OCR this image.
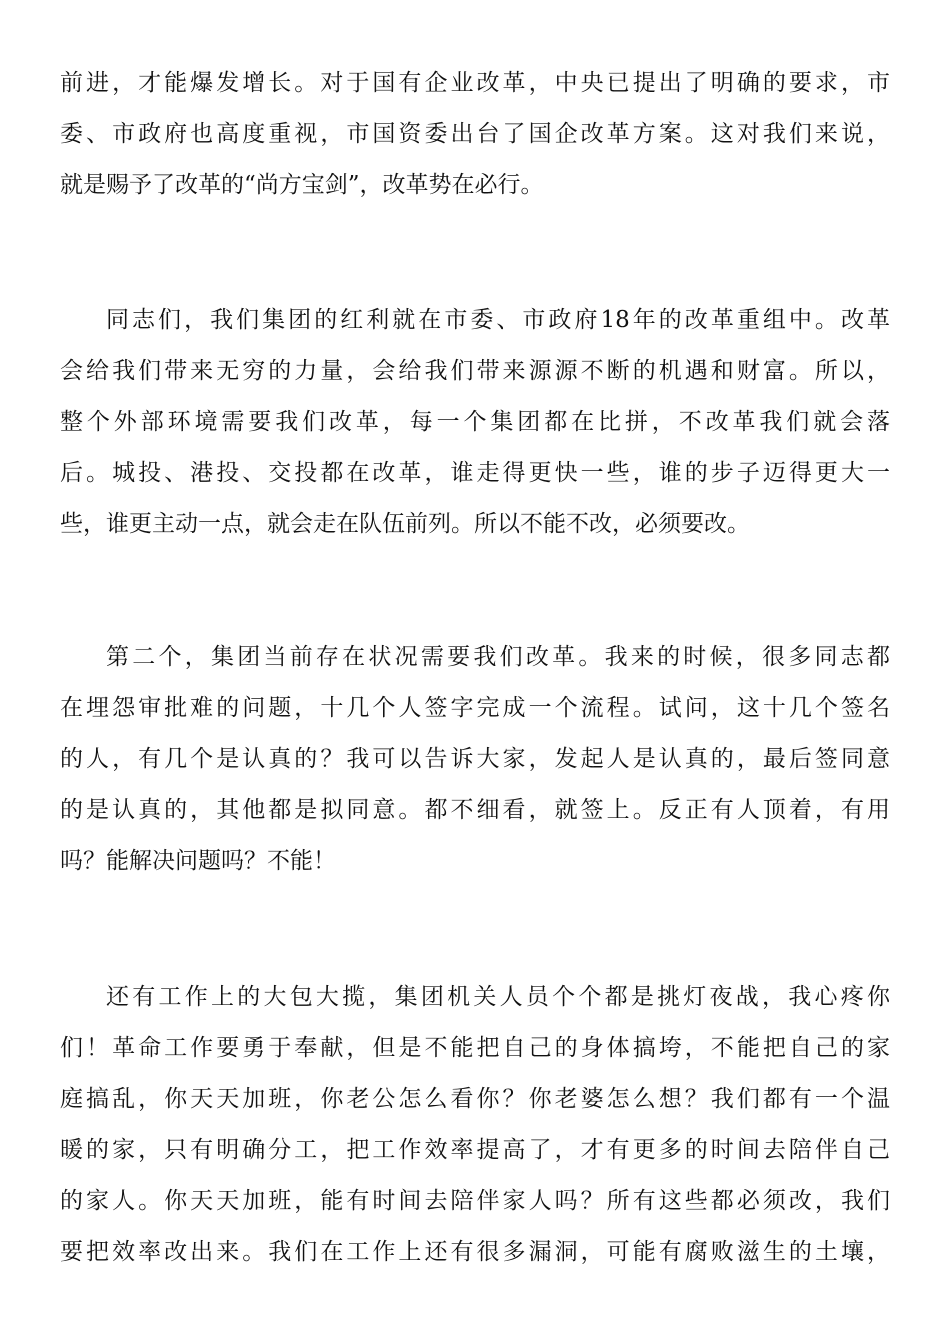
前进，才能爆发增长。对于国有企业改革，中央已提出了明确的要求，市
委、市政府也高度重视，市国资委出台了国企改革方案。这对我们来说，
就是赐予了改革的“尚方宝剑”，改革势在必行。
同志们，我们集团的红利就在市委、市政府18年的改革重组中。改革
会给我们带来无穷的力量，会给我们带来源源不断的机遇和财富。所以，
整个外部环境需要我们改革，每一个集团都在比拼，不改革我们就会落
后。城投、港投、交投都在改革，谁走得更快一些，谁的步子迈得更大一
些，谁更主动一点，就会走在队伍前列。所以不能不改，必须要改。
第二个，集团当前存在状况需要我们改革。我来的时候，很多同志都
在埋怨审批难的问题，十几个人签字完成一个流程。试问，这十几个签名
的人，有几个是认真的？我可以告诉大家，发起人是认真的，最后签同意
的是认真的，其他都是拟同意。都不细看，就签上。反正有人顶着，有用
吗？能解决问题吗？不能！
还有工作上的大包大揽，集团机关人员个个都是挑灯夜战，我心疼你
们！革命工作要勇于奉献，但是不能把自己的身体搞垮，不能把自己的家
庭搞乱，你天天加班，你老公怎么看你？你老婆怎么想？我们都有一个温
暖的家，只有明确分工，把工作效率提高了，才有更多的时间去陪伴自己
的家人。你天天加班，能有时间去陪伴家人吗？所有这些都必须改，我们
要把效率改出来。我们在工作上还有很多漏洞，可能有腐败滋生的土壤，
